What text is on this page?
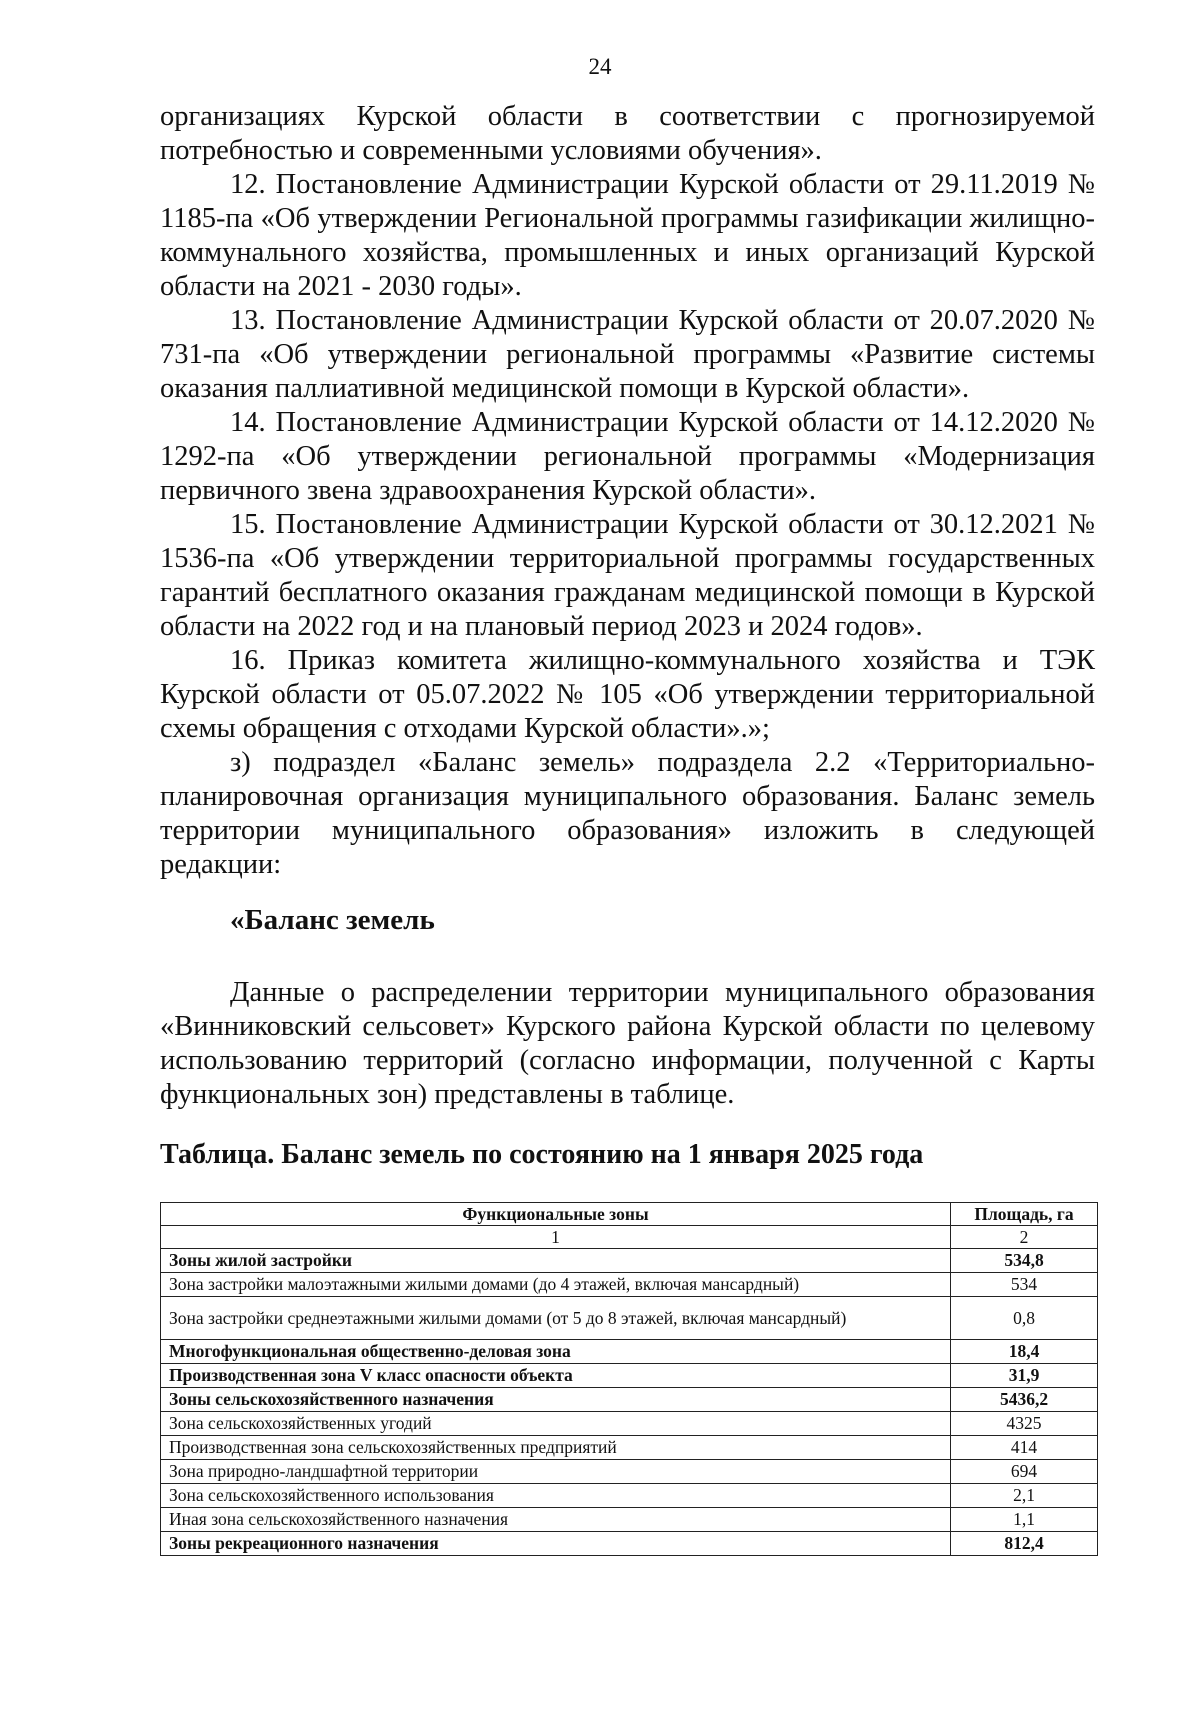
24

организациях Курской области в соответствии с прогнозируемой потребностью и современными условиями обучения».

12. Постановление Администрации Курской области от 29.11.2019 № 1185-па «Об утверждении Региональной программы газификации жилищно-коммунального хозяйства, промышленных и иных организаций Курской области на 2021 - 2030 годы».

13. Постановление Администрации Курской области от 20.07.2020 № 731-па «Об утверждении региональной программы «Развитие системы оказания паллиативной медицинской помощи в Курской области».

14. Постановление Администрации Курской области от 14.12.2020 № 1292-па «Об утверждении региональной программы «Модернизация первичного звена здравоохранения Курской области».

15. Постановление Администрации Курской области от 30.12.2021 № 1536-па «Об утверждении территориальной программы государственных гарантий бесплатного оказания гражданам медицинской помощи в Курской области на 2022 год и на плановый период 2023 и 2024 годов».

16. Приказ комитета жилищно-коммунального хозяйства и ТЭК Курской области от 05.07.2022 № 105 «Об утверждении территориальной схемы обращения с отходами Курской области».»;

з) подраздел «Баланс земель» подраздела 2.2 «Территориально-планировочная организация муниципального образования. Баланс земель территории муниципального образования» изложить в следующей редакции:

«Баланс земель

Данные о распределении территории муниципального образования «Винниковский сельсовет» Курского района Курской области по целевому использованию территорий (согласно информации, полученной с Карты функциональных зон) представлены в таблице.

Таблица. Баланс земель по состоянию на 1 января 2025 года
Функциональные зоны	Площадь, га
1	2
Зоны жилой застройки	534,8
Зона застройки малоэтажными жилыми домами (до 4 этажей, включая мансардный)	534
Зона застройки среднеэтажными жилыми домами (от 5 до 8 этажей, включая мансардный)	0,8
Многофункциональная общественно-деловая зона	18,4
Производственная зона V класс опасности объекта	31,9
Зоны сельскохозяйственного назначения	5436,2
Зона сельскохозяйственных угодий	4325
Производственная зона сельскохозяйственных предприятий	414
Зона природно-ландшафтной территории	694
Зона сельскохозяйственного использования	2,1
Иная зона сельскохозяйственного назначения	1,1
Зоны рекреационного назначения	812,4
